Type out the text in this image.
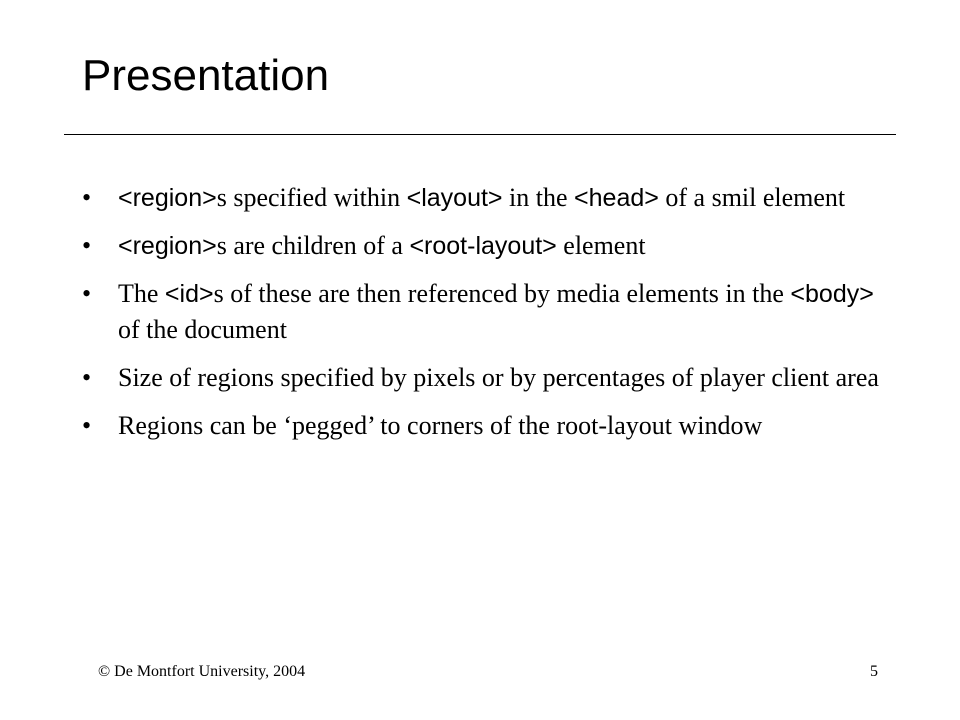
Presentation
• <region>s specified within <layout> in the <head> of a smil element
• <region>s are children of a <root-layout> element
• The <id>s of these are then referenced by media elements in the <body> of the document
• Size of regions specified by pixels or by percentages of player client area
• Regions can be ‘pegged’ to corners of the root-layout window
© De Montfort University, 2004	5
